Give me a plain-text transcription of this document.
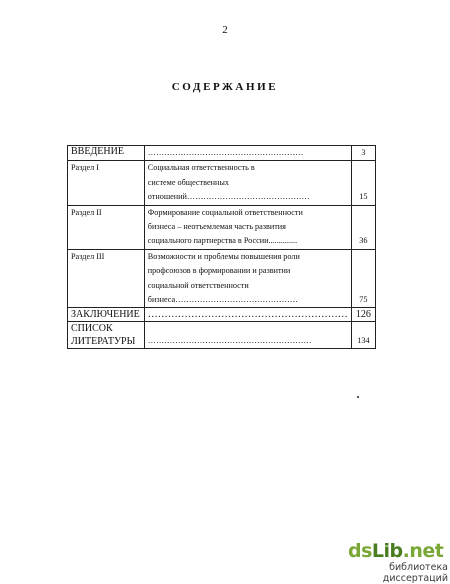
2
СОДЕРЖАНИЕ
ВВЕДЕНИЕ	…………………………………………………	3
Раздел I	Социальная ответственность в
системе общественных
отношений………………………………………	15
Раздел II	Формирование социальной ответственности
бизнеса – неотъемлемая часть развития
социального партнерства в России..............	36
Раздел III	Возможности и проблемы повышения роли
профсоюзов в формировании и развитии
социальной ответственности
бизнеса………………………………………	75
ЗАКЛЮЧЕНИЕ	……………………………………………………	126
СПИСОК ЛИТЕРАТУРЫ	……………………………………………………	134
dsLib.net
библиотека диссертаций
